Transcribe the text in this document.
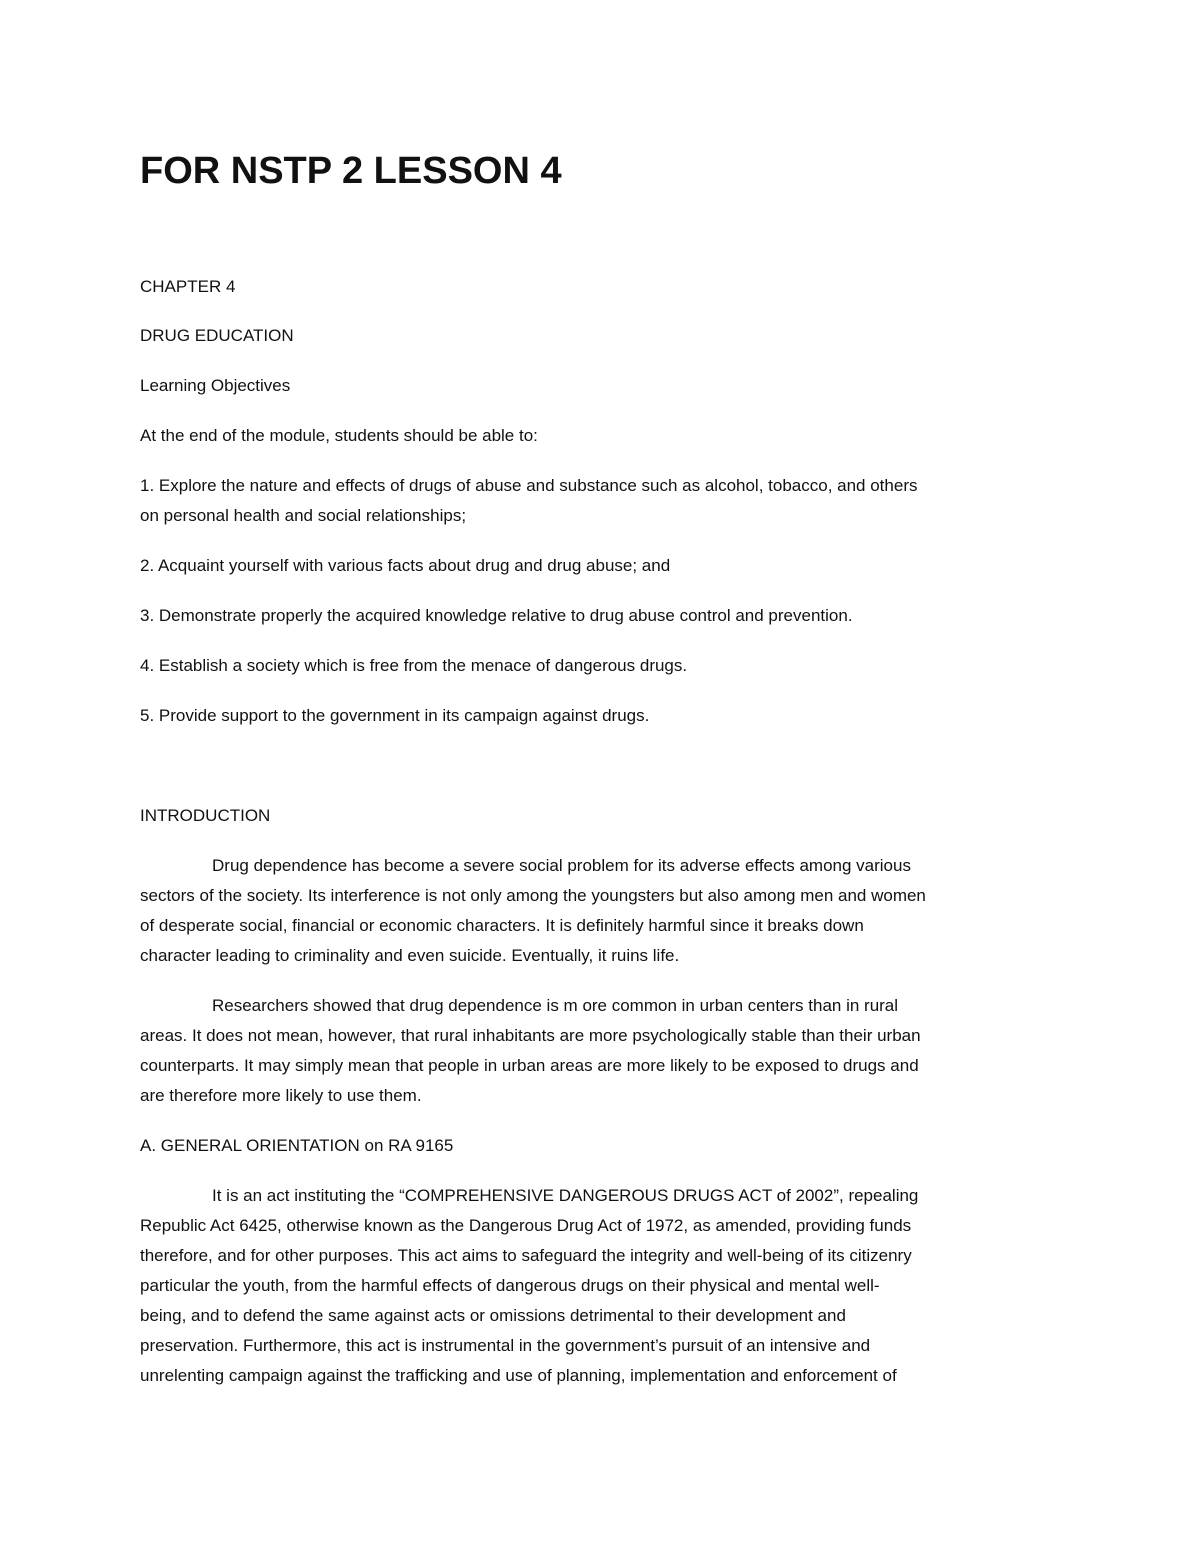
FOR NSTP 2 LESSON 4

CHAPTER 4

DRUG EDUCATION

Learning Objectives

At the end of the module, students should be able to:

1. Explore the nature and effects of drugs of abuse and substance such as alcohol, tobacco, and others

on personal health and social relationships;

2. Acquaint yourself with various facts about drug and drug abuse; and

3. Demonstrate properly the acquired knowledge relative to drug abuse control and prevention.

4. Establish a society which is free from the menace of dangerous drugs.

5. Provide support to the government in its campaign against drugs.

INTRODUCTION

Drug dependence has become a severe social problem for its adverse effects among various

sectors of the society. Its interference is not only among the youngsters but also among men and women

of desperate social, financial or economic characters. It is definitely harmful since it breaks down

character leading to criminality and even suicide. Eventually, it ruins life.

Researchers showed that drug dependence is m ore common in urban centers than in rural

areas. It does not mean, however, that rural inhabitants are more psychologically stable than their urban

counterparts. It may simply mean that people in urban areas are more likely to be exposed to drugs and

are therefore more likely to use them.

A. GENERAL ORIENTATION on RA 9165

It is an act instituting the “COMPREHENSIVE DANGEROUS DRUGS ACT of 2002”, repealing

Republic Act 6425, otherwise known as the Dangerous Drug Act of 1972, as amended, providing funds

therefore, and for other purposes. This act aims to safeguard the integrity and well-being of its citizenry

particular the youth, from the harmful effects of dangerous drugs on their physical and mental well-

being, and to defend the same against acts or omissions detrimental to their development and

preservation. Furthermore, this act is instrumental in the government’s pursuit of an intensive and

unrelenting campaign against the trafficking and use of planning, implementation and enforcement of
